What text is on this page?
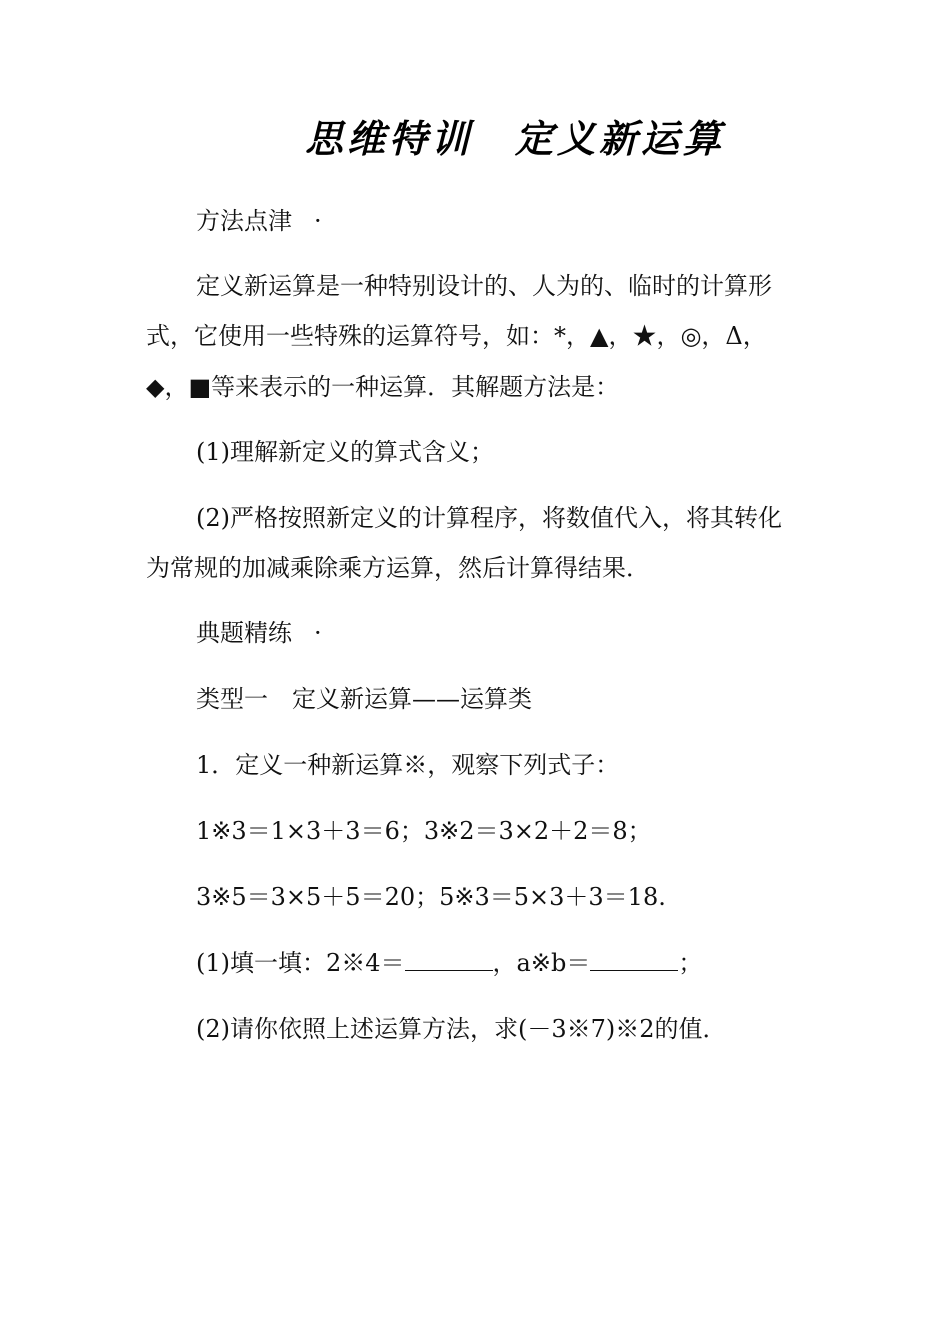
思维特训 定义新运算
方法点津 ·
定义新运算是一种特别设计的、人为的、临时的计算形
式，它使用一些特殊的运算符号，如：*，▲，★，◎，Δ，
◆，■等来表示的一种运算．其解题方法是：
(1)理解新定义的算式含义；
(2)严格按照新定义的计算程序，将数值代入，将其转化
为常规的加减乘除乘方运算，然后计算得结果．
典题精练 ·
类型一　定义新运算——运算类
1．定义一种新运算※，观察下列式子：
1※3＝1×3＋3＝6；3※2＝3×2＋2＝8；
3※5＝3×5＋5＝20；5※3＝5×3＋3＝18.
(1)填一填：2※4＝	，a※b＝	；
(2)请你依照上述运算方法，求(－3※7)※2的值．
